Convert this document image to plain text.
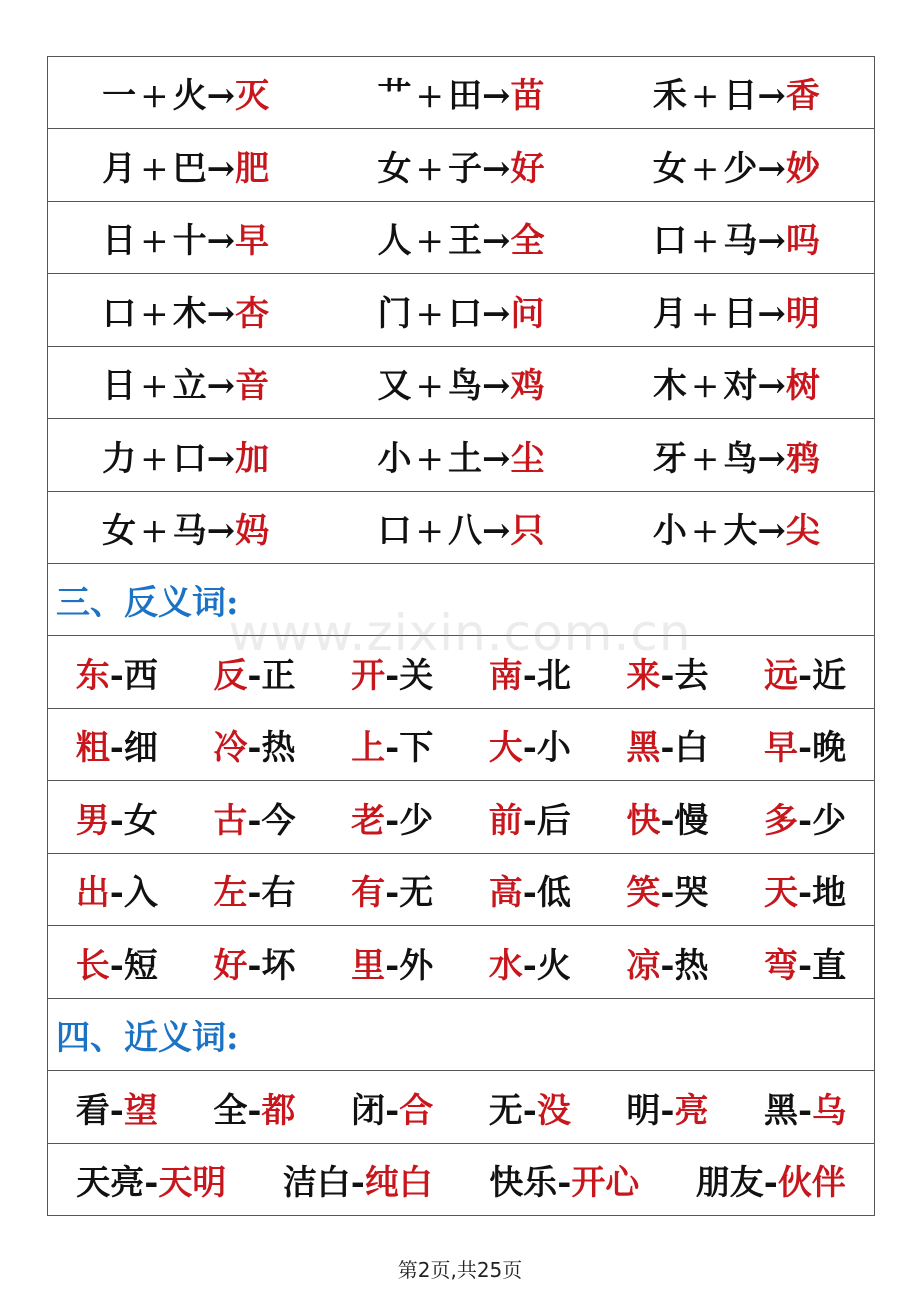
一 + 火→灭	艹 + 田→苗	禾 + 日→香
月 + 巴→肥	女 + 子→好	女 + 少→妙
日 + 十→早	人 + 王→全	口 + 马→吗
口 + 木→杏	门 + 口→问	月 + 日→明
日 + 立→音	又 + 鸟→鸡	木 + 对→树
力 + 口→加	小 + 土→尘	牙 + 鸟→鸦
女 + 马→妈	口 + 八→只	小 + 大→尖
三、反义词:
东-西	反-正	开-关	南-北	来-去	远-近
粗-细	冷-热	上-下	大-小	黑-白	早-晚
男-女	古-今	老-少	前-后	快-慢	多-少
出-入	左-右	有-无	高-低	笑-哭	天-地
长-短	好-坏	里-外	水-火	凉-热	弯-直
四、近义词:
看-望	全-都	闭-合	无-没	明-亮	黑-乌
天亮-天明	洁白-纯白	快乐-开心	朋友-伙伴
www.zixin.com.cn
第2页,共25页
